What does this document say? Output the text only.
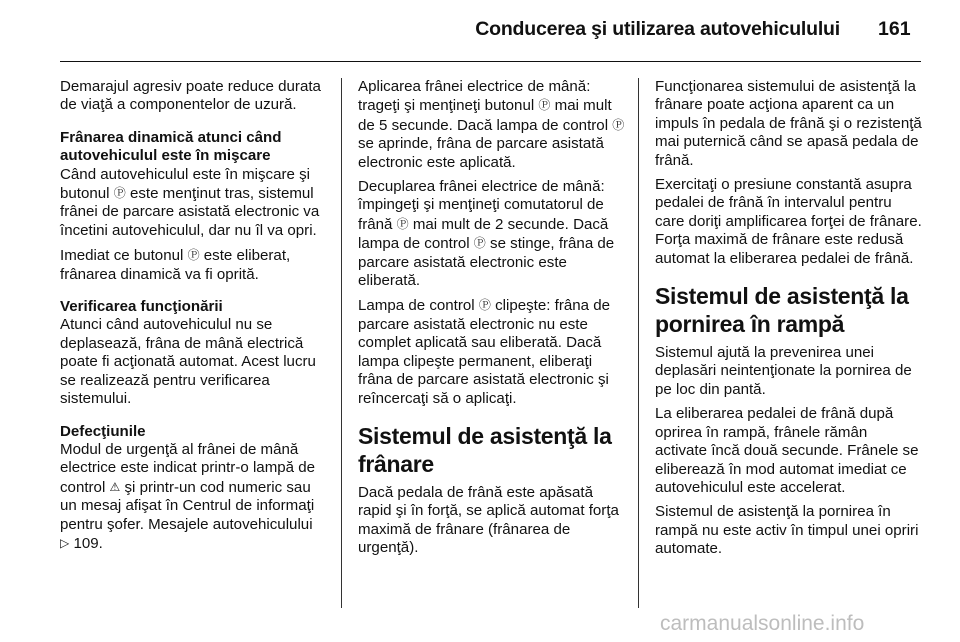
Conducerea şi utilizarea autovehiculului 161

Demarajul agresiv poate reduce durata de viaţă a componentelor de uzură.

Frânarea dinamică atunci când autovehiculul este în mişcare

Când autovehiculul este în mişcare şi butonul Ⓟ este menţinut tras, sistemul frânei de parcare asistată electronic va încetini autovehiculul, dar nu îl va opri.

Imediat ce butonul Ⓟ este eliberat, frânarea dinamică va fi oprită.

Verificarea funcţionării

Atunci când autovehiculul nu se deplasează, frâna de mână electrică poate fi acţionată automat. Acest lucru se realizează pentru verificarea sistemului.

Defecţiunile

Modul de urgenţă al frânei de mână electrice este indicat printr-o lampă de control ⚠ şi printr-un cod numeric sau un mesaj afişat în Centrul de informaţi pentru şofer. Mesajele autovehiculului ▷ 109.

Aplicarea frânei electrice de mână: trageţi şi menţineţi butonul Ⓟ mai mult de 5 secunde. Dacă lampa de control Ⓟ se aprinde, frâna de parcare asistată electronic este aplicată.

Decuplarea frânei electrice de mână: împingeţi şi menţineţi comutatorul de frână Ⓟ mai mult de 2 secunde. Dacă lampa de control Ⓟ se stinge, frâna de parcare asistată electronic este eliberată.

Lampa de control Ⓟ clipeşte: frâna de parcare asistată electronic nu este complet aplicată sau eliberată. Dacă lampa clipeşte permanent, eliberaţi frâna de parcare asistată electronic şi reîncercaţi să o aplicaţi.

Sistemul de asistenţă la frânare

Dacă pedala de frână este apăsată rapid şi în forţă, se aplică automat forţa maximă de frânare (frânarea de urgenţă).

Funcţionarea sistemului de asistenţă la frânare poate acţiona aparent ca un impuls în pedala de frână şi o rezistenţă mai puternică când se apasă pedala de frână.

Exercitaţi o presiune constantă asupra pedalei de frână în intervalul pentru care doriţi amplificarea forţei de frânare. Forţa maximă de frânare este redusă automat la eliberarea pedalei de frână.

Sistemul de asistenţă la pornirea în rampă

Sistemul ajută la prevenirea unei deplasări neintenţionate la pornirea de pe loc din pantă.

La eliberarea pedalei de frână după oprirea în rampă, frânele rămân activate încă două secunde. Frânele se eliberează în mod automat imediat ce autovehiculul este accelerat.

Sistemul de asistenţă la pornirea în rampă nu este activ în timpul unei opriri automate.

carmanualsonline.info
